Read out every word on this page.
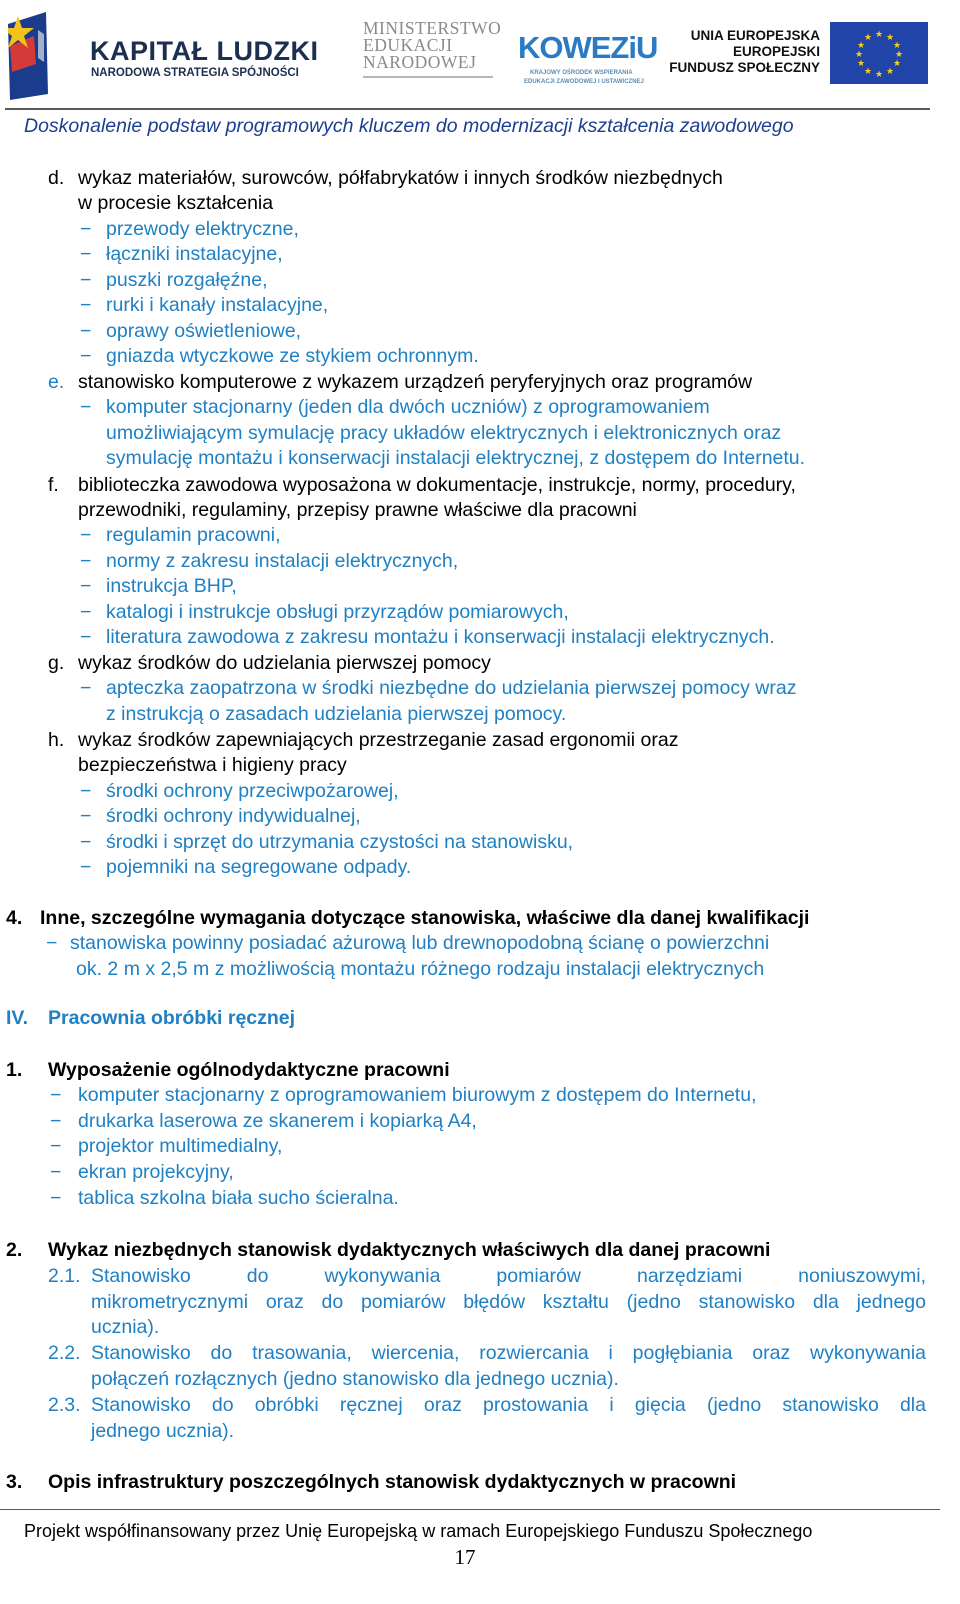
KAPITAŁ LUDZKI
NARODOWA STRATEGIA SPÓJNOŚCI
MINISTERSTWO
EDUKACJI
NARODOWEJ	KOWEZiU
KRAJOWY OŚRODEK WSPIERANIA
EDUKACJI ZAWODOWEJ I USTAWICZNEJ
UNIA EUROPEJSKA
EUROPEJSKI
FUNDUSZ SPOŁECZNY
★ ★
★
★
★
★
★
★
★
★
★
★
Doskonalenie podstaw programowych kluczem do modernizacji kształcenia zawodowego
d. wykaz materiałów, surowców, półfabrykatów i innych środków niezbędnych
w procesie kształcenia
− przewody elektryczne,
− łączniki instalacyjne,
− puszki rozgałęźne,
− rurki i kanały instalacyjne,
− oprawy oświetleniowe,
− gniazda wtyczkowe ze stykiem ochronnym.
e. stanowisko komputerowe z wykazem urządzeń peryferyjnych oraz programów
− komputer stacjonarny (jeden dla dwóch uczniów) z oprogramowaniem
umożliwiającym symulację pracy układów elektrycznych i elektronicznych oraz
symulację montażu i konserwacji instalacji elektrycznej, z dostępem do Internetu.
f. biblioteczka zawodowa wyposażona w dokumentacje, instrukcje, normy, procedury,
przewodniki, regulaminy, przepisy prawne właściwe dla pracowni
− regulamin pracowni,
− normy z zakresu instalacji elektrycznych,
− instrukcja BHP,
− katalogi i instrukcje obsługi przyrządów pomiarowych,
− literatura zawodowa z zakresu montażu i konserwacji instalacji elektrycznych.
g. wykaz środków do udzielania pierwszej pomocy
− apteczka zaopatrzona w środki niezbędne do udzielania pierwszej pomocy wraz
z instrukcją o zasadach udzielania pierwszej pomocy.
h. wykaz środków zapewniających przestrzeganie zasad ergonomii oraz
bezpieczeństwa i higieny pracy
− środki ochrony przeciwpożarowej,
− środki ochrony indywidualnej,
− środki i sprzęt do utrzymania czystości na stanowisku,
− pojemniki na segregowane odpady.
4. Inne, szczególne wymagania dotyczące stanowiska, właściwe dla danej kwalifikacji
− stanowiska powinny posiadać ażurową lub drewnopodobną ścianę o powierzchni
ok. 2 m x 2,5 m z możliwością montażu różnego rodzaju instalacji elektrycznych
IV. Pracownia obróbki ręcznej
1. Wyposażenie ogólnodydaktyczne pracowni
− komputer stacjonarny z oprogramowaniem biurowym z dostępem do Internetu,
− drukarka laserowa ze skanerem i kopiarką A4,
− projektor multimedialny,
− ekran projekcyjny,
− tablica szkolna biała sucho ścieralna.
2. Wykaz niezbędnych stanowisk dydaktycznych właściwych dla danej pracowni
2.1. Stanowisko do wykonywania pomiarów narzędziami noniuszowymi,
mikrometrycznymi oraz do pomiarów błędów kształtu (jedno stanowisko dla jednego
ucznia).
2.2. Stanowisko do trasowania, wiercenia, rozwiercania i pogłębiania oraz wykonywania
połączeń rozłącznych (jedno stanowisko dla jednego ucznia).
2.3. Stanowisko do obróbki ręcznej oraz prostowania i gięcia (jedno stanowisko dla
jednego ucznia).
3. Opis infrastruktury poszczególnych stanowisk dydaktycznych w pracowni
Projekt współfinansowany przez Unię Europejską w ramach Europejskiego Funduszu Społecznego
17
